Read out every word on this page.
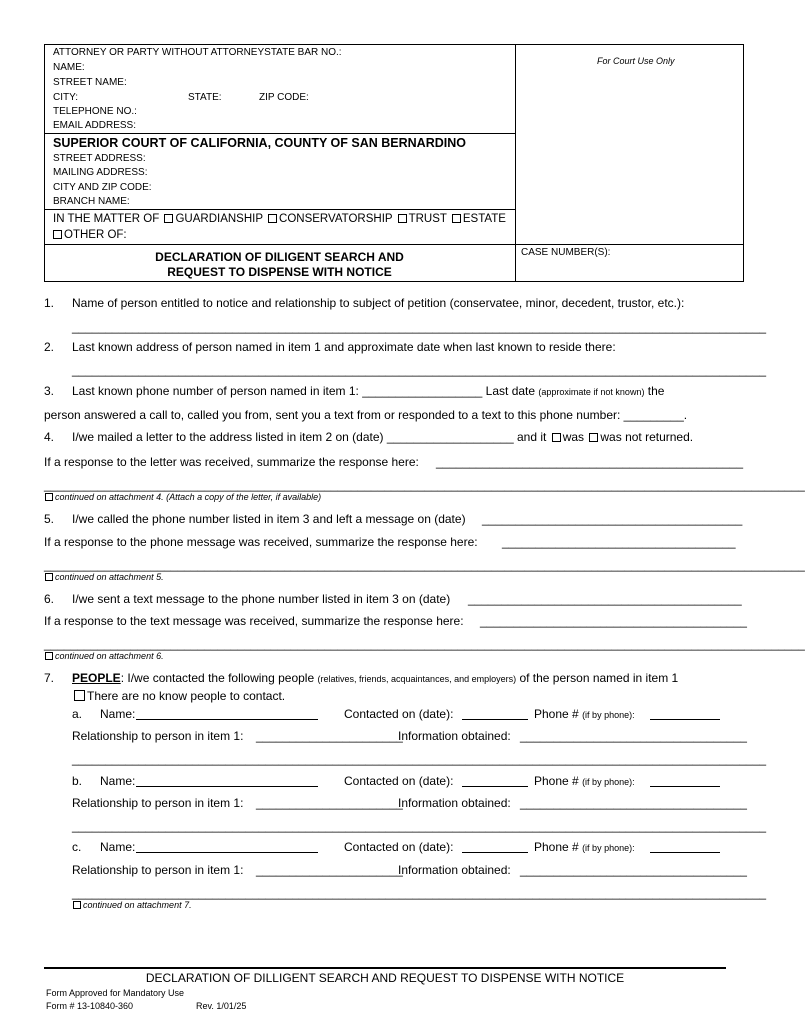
ATTORNEY OR PARTY WITHOUT ATTORNEYSTATE BAR NO.:
NAME:
STREET NAME:
CITY:	STATE:	ZIP CODE:
TELEPHONE NO.:
EMAIL ADDRESS:
For Court Use Only
SUPERIOR COURT OF CALIFORNIA, COUNTY OF SAN BERNARDINO
STREET ADDRESS:
MAILING ADDRESS:
CITY AND ZIP CODE:
BRANCH NAME:
IN THE MATTER OF GUARDIANSHIP CONSERVATORSHIP TRUST ESTATE
OTHER OF:
DECLARATION OF DILIGENT SEARCH AND
REQUEST TO DISPENSE WITH NOTICE
CASE NUMBER(S):
1. Name of person entitled to notice and relationship to subject of petition (conservatee, minor, decedent, trustor, etc.):
________________________________________________________________________________________________________
2. Last known address of person named in item 1 and approximate date when last known to reside there:
________________________________________________________________________________________________________
3. Last known phone number of person named in item 1: __________________ Last date (approximate if not known) the
person answered a call to, called you from, sent you a text from or responded to a text to this phone number: _________.
4. I/we mailed a letter to the address listed in item 2 on (date) ___________________ and it was was not returned.
If a response to the letter was received, summarize the response here: ______________________________________________
__________________________________________________________________________________________________________________
continued on attachment 4. (Attach a copy of the letter, if available)
5. I/we called the phone number listed in item 3 and left a message on (date) _______________________________________
If a response to the phone message was received, summarize the response here: ___________________________________
__________________________________________________________________________________________________________________
continued on attachment 5.
6. I/we sent a text message to the phone number listed in item 3 on (date) _________________________________________
If a response to the text message was received, summarize the response here: ________________________________________
__________________________________________________________________________________________________________________
continued on attachment 6.
7. PEOPLE: I/we contacted the following people (relatives, friends, acquaintances, and employers) of the person named in item 1
There are no know people to contact.
a. Name:	Contacted on (date):	Phone # (if by phone):
Relationship to person in item 1: ______________________
Information obtained: __________________________________
________________________________________________________________________________________________________
b. Name:	Contacted on (date):	Phone # (if by phone):
Relationship to person in item 1: ______________________
Information obtained: __________________________________
________________________________________________________________________________________________________
c. Name:	Contacted on (date):	Phone # (if by phone):
Relationship to person in item 1: ______________________
Information obtained: __________________________________
________________________________________________________________________________________________________
continued on attachment 7.
DECLARATION OF DILLIGENT SEARCH AND REQUEST TO DISPENSE WITH NOTICE
Form Approved for Mandatory Use
Form # 13-10840-360	Rev. 1/01/25
